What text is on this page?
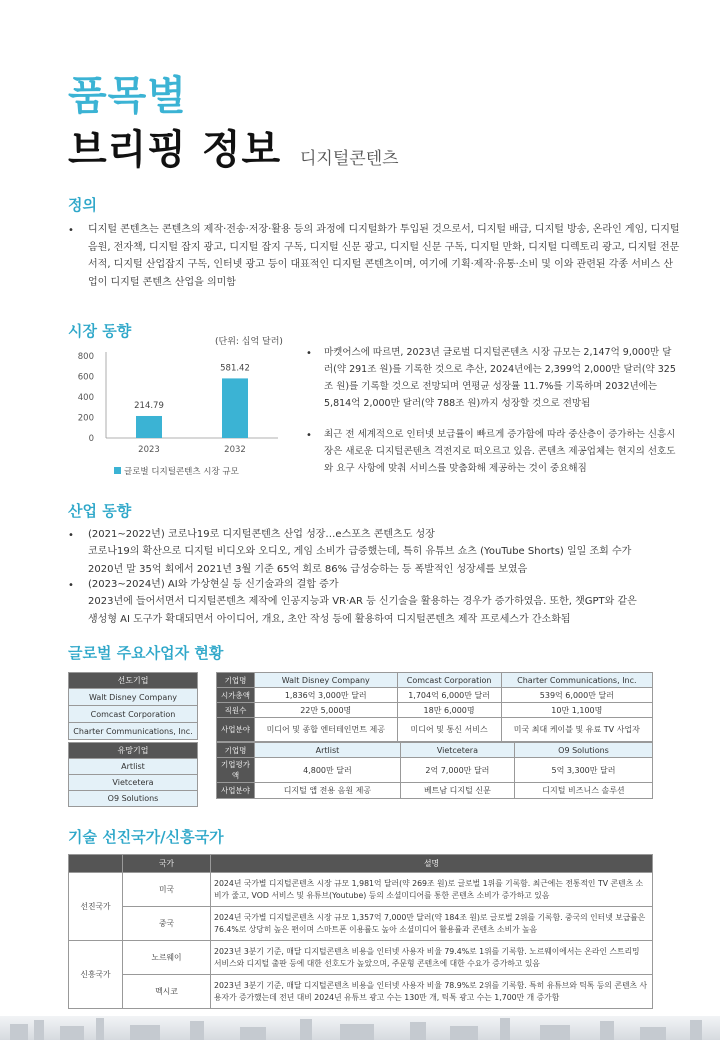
품목별
브리핑 정보 디지털콘텐츠
정의
• 디지털 콘텐츠는 콘텐츠의 제작·전송·저장·활용 등의 과정에 디지털화가 투입된 것으로서, 디지털 배급, 디지털 방송, 온라인 게임, 디지털 음원, 전자책, 디지털 잡지 광고, 디지털 잡지 구독, 디지털 신문 광고, 디지털 신문 구독, 디지털 만화, 디지털 디렉토리 광고, 디지털 전문서적, 디지털 산업잡지 구독, 인터넷 광고 등이 대표적인 디지털 콘텐츠이며, 여기에 기획·제작·유통·소비 및 이와 관련된 각종 서비스 산업이 디지털 콘텐츠 산업을 의미함
시장 동향
(단위: 십억 달러)
0
200
400
600
800
214.79
2023
581.42
2032
글로벌 디지털콘텐츠 시장 규모
• 마켓어스에 따르면, 2023년 글로벌 디지털콘텐츠 시장 규모는 2,147억 9,000만 달러(약 291조 원)를 기록한 것으로 추산, 2024년에는 2,399억 2,000만 달러(약 325조 원)를 기록할 것으로 전망되며 연평균 성장률 11.7%를 기록하며 2032년에는 5,814억 2,000만 달러(약 788조 원)까지 성장할 것으로 전망됨
• 최근 전 세계적으로 인터넷 보급률이 빠르게 증가함에 따라 중산층이 증가하는 신흥시장은 새로운 디지털콘텐츠 격전지로 떠오르고 있음. 콘텐츠 제공업체는 현지의 선호도와 요구 사항에 맞춰 서비스를 맞춤화해 제공하는 것이 중요해짐
산업 동향
• (2021~2022년) 코로나19로 디지털콘텐츠 산업 성장…e스포츠 콘텐츠도 성장
코로나19의 확산으로 디지털 비디오와 오디오, 게임 소비가 급증했는데, 특히 유튜브 쇼츠 (YouTube Shorts) 일일 조회 수가 2020년 말 35억 회에서 2021년 3월 기준 65억 회로 86% 급성승하는 등 폭발적인 성장세를 보였음
• (2023~2024년) AI와 가상현실 등 신기술과의 결합 증가
2023년에 들어서면서 디지털콘텐츠 제작에 인공지능과 VR·AR 등 신기술을 활용하는 경우가 증가하였음. 또한, 챗GPT와 같은 생성형 AI 도구가 확대되면서 아이디어, 개요, 초안 작성 등에 활용하여 디지털콘텐츠 제작 프로세스가 간소화됨
글로벌 주요사업자 현황
선도기업
Walt Disney Company
Comcast Corporation
Charter Communications, Inc.
기업명	Walt Disney Company	Comcast Corporation	Charter Communications, Inc.
시가총액	1,836억 3,000만 달러	1,704억 6,000만 달러	539억 6,000만 달러
직원수	22만 5,000명	18만 6,000명	10만 1,100명
사업분야	미디어 및 종합 엔터테인먼트 제공	미디어 및 통신 서비스	미국 최대 케이블 및 유료 TV 사업자
유망기업
Artlist
Vietcetera
O9 Solutions
기업명	Artlist	Vietcetera	O9 Solutions
기업평가액	4,800만 달러	2억 7,000만 달러	5억 3,300만 달러
사업분야	디지털 앱 전용 음원 제공	베트남 디지털 신문	디지털 비즈니스 솔루션
기술 선진국가/신흥국가
	국가	설명
선진국가	미국	2024년 국가별 디지털콘텐츠 시장 규모 1,981억 달러(약 269조 원)로 글로벌 1위를 기록함. 최근에는 전통적인 TV 콘텐츠 소비가 줄고, VOD 서비스 및 유튜브(Youtube) 등의 소셜미디어를 통한 콘텐츠 소비가 증가하고 있음
	중국	2024년 국가별 디지털콘텐츠 시장 규모 1,357억 7,000만 달러(약 184조 원)로 글로벌 2위를 기록함. 중국의 인터넷 보급률은 76.4%로 상당히 높은 편이며 스마트폰 이용률도 높아 소셜미디어 활용률과 콘텐츠 소비가 높음
신흥국가	노르웨이	2023년 3분기 기준, 매달 디지털콘텐츠 비용을 인터넷 사용자 비율 79.4%로 1위를 기록함. 노르웨이에서는 온라인 스트리밍 서비스와 디지털 출판 등에 대한 선호도가 높았으며, 주문형 콘텐츠에 대한 수요가 증가하고 있음
	멕시코	2023년 3분기 기준, 매달 디지털콘텐츠 비용을 인터넷 사용자 비율 78.9%로 2위를 기록함. 특히 유튜브와 틱톡 등의 콘텐츠 사용자가 증가했는데 전년 대비 2024년 유튜브 광고 수는 130만 개, 틱톡 광고 수는 1,700만 개 증가함
